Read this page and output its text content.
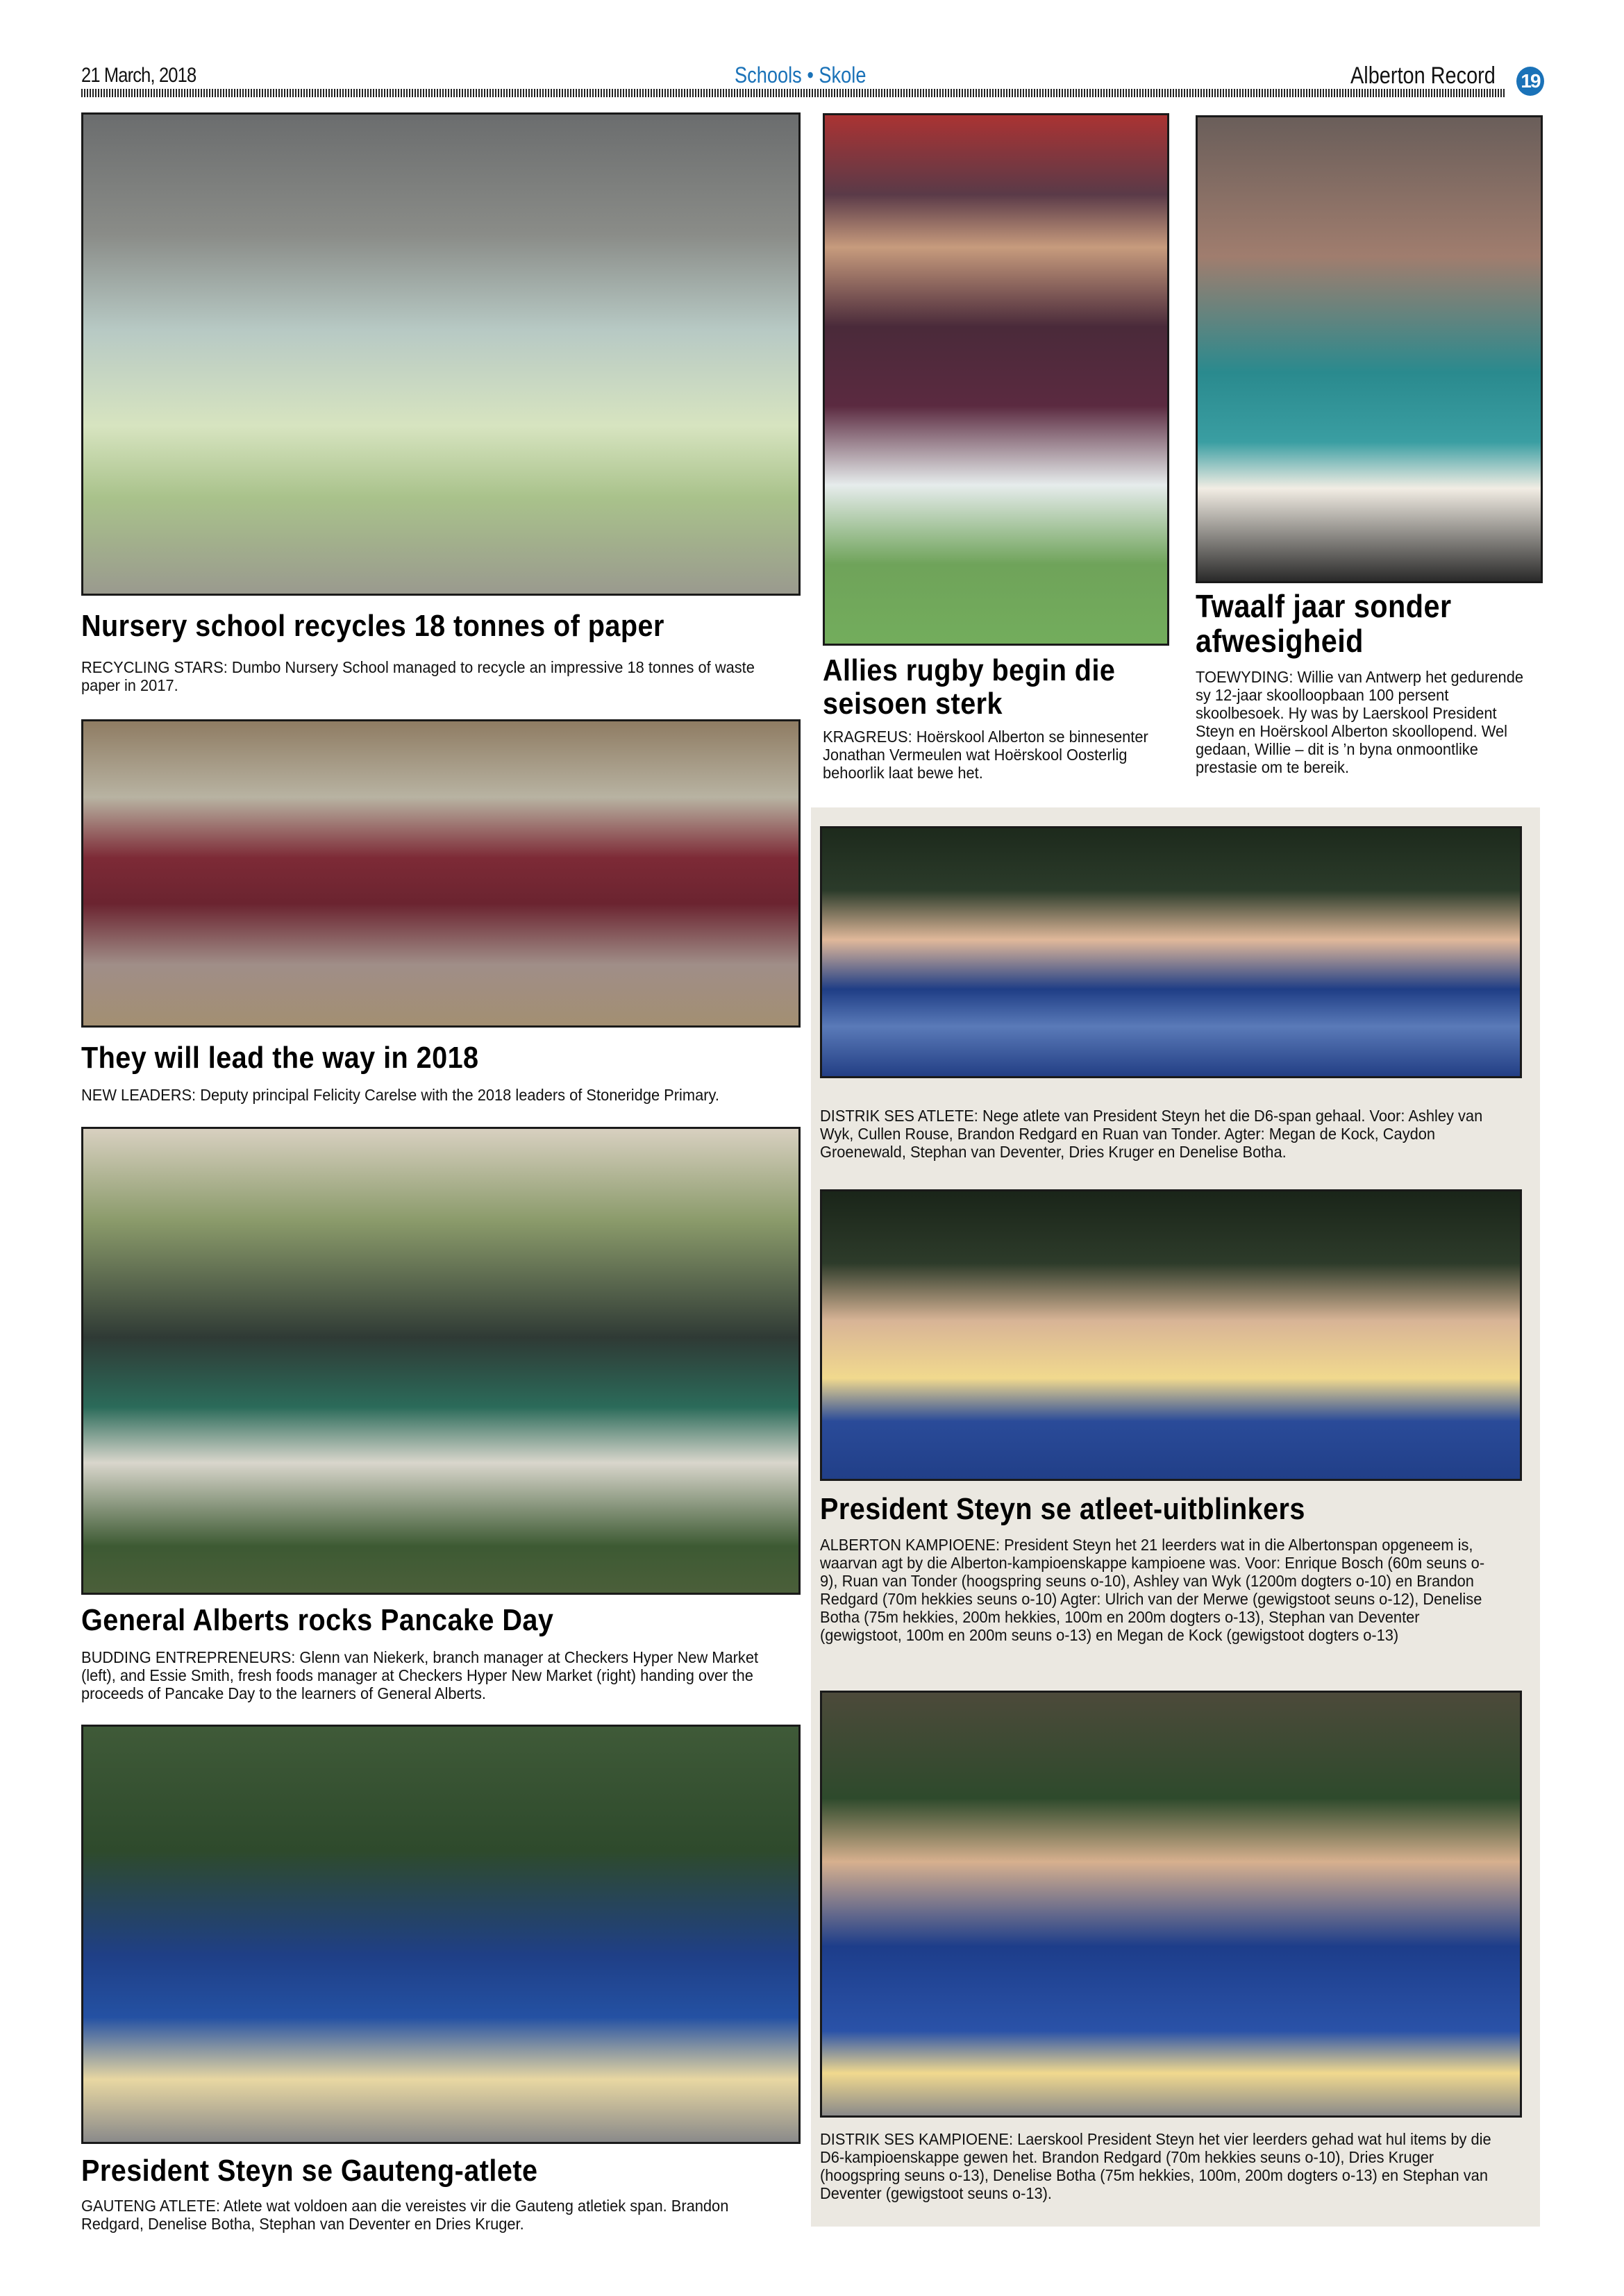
21 March, 2018	Schools • Skole	Alberton Record 19
Nursery school recycles 18 tonnes of paper
RECYCLING STARS: Dumbo Nursery School managed to recycle an impressive 18 tonnes of waste paper in 2017.
They will lead the way in 2018
NEW LEADERS: Deputy principal Felicity Carelse with the 2018 leaders of Stoneridge Primary.
General Alberts rocks Pancake Day
BUDDING ENTREPRENEURS: Glenn van Niekerk, branch manager at Checkers Hyper New Market (left), and Essie Smith, fresh foods manager at Checkers Hyper New Market (right) handing over the proceeds of Pancake Day to the learners of General Alberts.
President Steyn se Gauteng-atlete
GAUTENG ATLETE: Atlete wat voldoen aan die vereistes vir die Gauteng atletiek span. Brandon Redgard, Denelise Botha, Stephan van Deventer en Dries Kruger.
Allies rugby begin die seisoen sterk
KRAGREUS: Hoërskool Alberton se binnesenter Jonathan Vermeulen wat Hoërskool Oosterlig behoorlik laat bewe het.
Twaalf jaar sonder afwesigheid
TOEWYDING: Willie van Antwerp het gedurende sy 12-jaar skoolloopbaan 100 persent skoolbesoek. Hy was by Laerskool President Steyn en Hoërskool Alberton skoollopend. Wel gedaan, Willie – dit is ’n byna onmoontlike prestasie om te bereik.
DISTRIK SES ATLETE: Nege atlete van President Steyn het die D6-span gehaal. Voor: Ashley van Wyk, Cullen Rouse, Brandon Redgard en Ruan van Tonder. Agter: Megan de Kock, Caydon Groenewald, Stephan van Deventer, Dries Kruger en Denelise Botha.
President Steyn se atleet-uitblinkers
ALBERTON KAMPIOENE: President Steyn het 21 leerders wat in die Albertonspan opgeneem is, waarvan agt by die Alberton-kampioenskappe kampioene was. Voor: Enrique Bosch (60m seuns o-9), Ruan van Tonder (hoogspring seuns o-10), Ashley van Wyk (1200m dogters o-10) en Brandon Redgard (70m hekkies seuns o-10) Agter: Ulrich van der Merwe (gewigstoot seuns o-12), Denelise Botha (75m hekkies, 200m hekkies, 100m en 200m dogters o-13), Stephan van Deventer (gewigstoot, 100m en 200m seuns o-13) en Megan de Kock (gewigstoot dogters o-13)
DISTRIK SES KAMPIOENE: Laerskool President Steyn het vier leerders gehad wat hul items by die D6-kampioenskappe gewen het. Brandon Redgard (70m hekkies seuns o-10), Dries Kruger (hoogspring seuns o-13), Denelise Botha (75m hekkies, 100m, 200m dogters o-13) en Stephan van Deventer (gewigstoot seuns o-13).
